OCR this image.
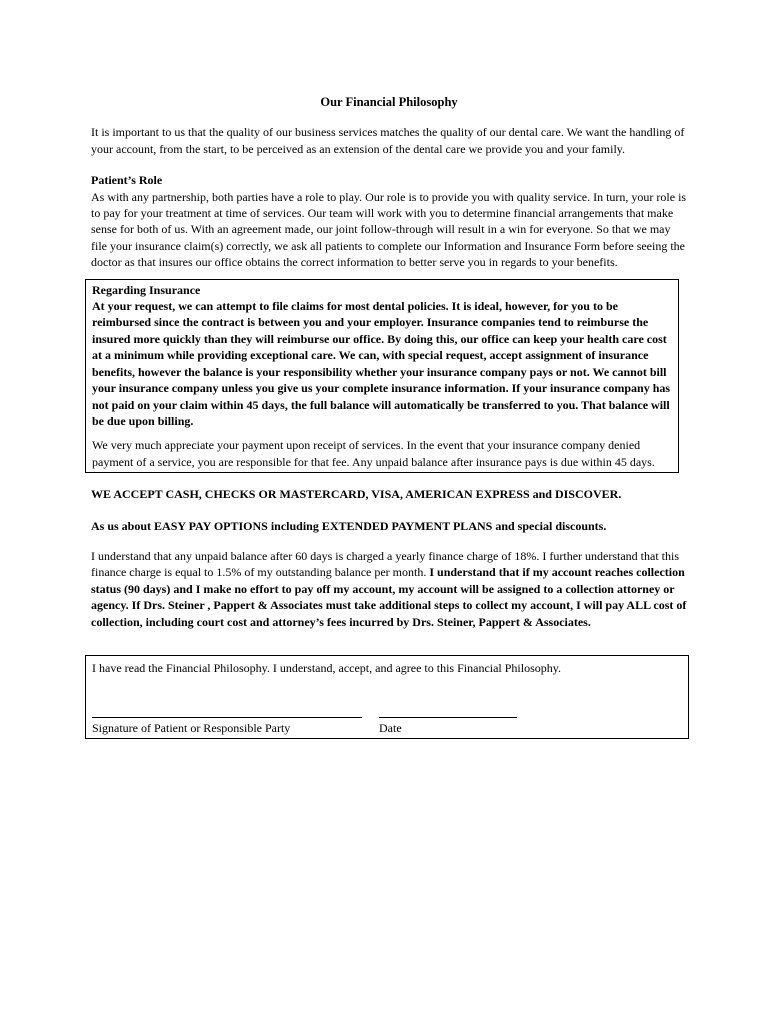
Our Financial Philosophy

It is important to us that the quality of our business services matches the quality of our dental care. We want the handling of your account, from the start, to be perceived as an extension of the dental care we provide you and your family.

Patient’s Role

As with any partnership, both parties have a role to play. Our role is to provide you with quality service. In turn, your role is to pay for your treatment at time of services. Our team will work with you to determine financial arrangements that make sense for both of us. With an agreement made, our joint follow-through will result in a win for everyone. So that we may file your insurance claim(s) correctly, we ask all patients to complete our Information and Insurance Form before seeing the doctor as that insures our office obtains the correct information to better serve you in regards to your benefits.

Regarding Insurance

At your request, we can attempt to file claims for most dental policies. It is ideal, however, for you to be reimbursed since the contract is between you and your employer. Insurance companies tend to reimburse the insured more quickly than they will reimburse our office. By doing this, our office can keep your health care cost at a minimum while providing exceptional care. We can, with special request, accept assignment of insurance benefits, however the balance is your responsibility whether your insurance company pays or not. We cannot bill your insurance company unless you give us your complete insurance information. If your insurance company has not paid on your claim within 45 days, the full balance will automatically be transferred to you. That balance will be due upon billing.

We very much appreciate your payment upon receipt of services. In the event that your insurance company denied payment of a service, you are responsible for that fee. Any unpaid balance after insurance pays is due within 45 days.

WE ACCEPT CASH, CHECKS OR MASTERCARD, VISA, AMERICAN EXPRESS and DISCOVER.

As us about EASY PAY OPTIONS including EXTENDED PAYMENT PLANS and special discounts.

I understand that any unpaid balance after 60 days is charged a yearly finance charge of 18%. I further understand that this finance charge is equal to 1.5% of my outstanding balance per month. I understand that if my account reaches collection status (90 days) and I make no effort to pay off my account, my account will be assigned to a collection attorney or agency. If Drs. Steiner , Pappert & Associates must take additional steps to collect my account, I will pay ALL cost of collection, including court cost and attorney’s fees incurred by Drs. Steiner, Pappert & Associates.

I have read the Financial Philosophy. I understand, accept, and agree to this Financial Philosophy.

Signature of Patient or Responsible Party	Date
